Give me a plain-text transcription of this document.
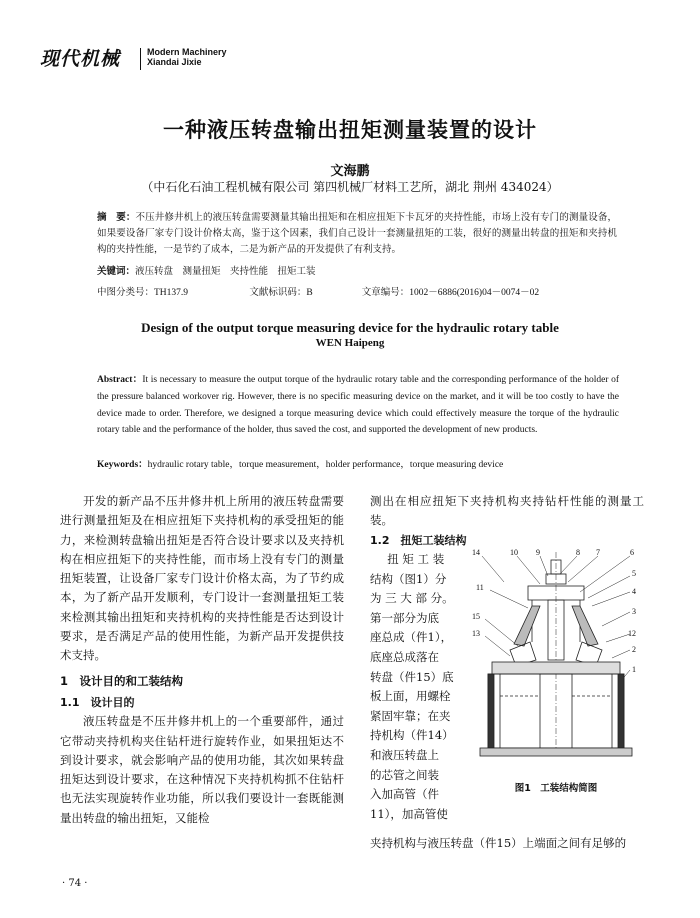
现代机械	Modern Machinery
Xiandai Jixie
一种液压转盘输出扭矩测量装置的设计
文海鹏
（中石化石油工程机械有限公司 第四机械厂材料工艺所，湖北 荆州 434024）
摘　要：不压井修井机上的液压转盘需要测量其输出扭矩和在相应扭矩下卡瓦牙的夹持性能，市场上没有专门的测量设备，如果要设备厂家专门设计价格太高，鉴于这个因素，我们自己设计一套测量扭矩的工装，很好的测量出转盘的扭矩和夹持机构的夹持性能，一是节约了成本，二是为新产品的开发提供了有利支持。
关键词：液压转盘　测量扭矩　夹持性能　扭矩工装
中图分类号：TH137.9	文献标识码：B	文章编号：1002－6886(2016)04－0074－02
Design of the output torque measuring device for the hydraulic rotary table
WEN Haipeng
Abstract：It is necessary to measure the output torque of the hydraulic rotary table and the corresponding performance of the holder of the pressure balanced workover rig. However, there is no specific measuring device on the market, and it will be too costly to have the device made to order. Therefore, we designed a torque measuring device which could effectively measure the torque of the hydraulic rotary table and the performance of the holder, thus saved the cost, and supported the development of new products.
Keywords：hydraulic rotary table，torque measurement，holder performance，torque measuring device

开发的新产品不压井修井机上所用的液压转盘需要进行测量扭矩及在相应扭矩下夹持机构的承受扭矩的能力，来检测转盘输出扭矩是否符合设计要求以及夹持机构在相应扭矩下的夹持性能，而市场上没有专门的测量扭矩装置，让设备厂家专门设计价格太高，为了节约成本，为了新产品开发顺利，专门设计一套测量扭矩工装来检测其输出扭矩和夹持机构的夹持性能是否达到设计要求，是否满足产品的使用性能，为新产品开发提供技术支持。

1　设计目的和工装结构

1.1　设计目的

液压转盘是不压井修井机上的一个重要部件，通过它带动夹持机构夹住钻杆进行旋转作业，如果扭矩达不到设计要求，就会影响产品的使用功能，其次如果转盘扭矩达到设计要求，在这种情况下夹持机构抓不住钻杆也无法实现旋转作业功能，所以我们要设计一套既能测量出转盘的输出扭矩，又能检

测出在相应扭矩下夹持机构夹持钻杆性能的测量工装。

1.2　扭矩工装结构

扭 矩 工 装

结构（图1）分

为 三 大 部 分。

第一部分为底

座总成（件1），

底座总成落在

转盘（件15）底

板上面，用螺栓

紧固牢靠；在夹

持机构（件14）

和液压转盘上

的芯管之间装

入加高管（件

11），加高管使

夹持机构与液压转盘（件15）上端面之间有足够的
14	10 9	8 7	6
5
11	4
3
15
13	12
2
1
图1　工装结构简图
· 74 ·
